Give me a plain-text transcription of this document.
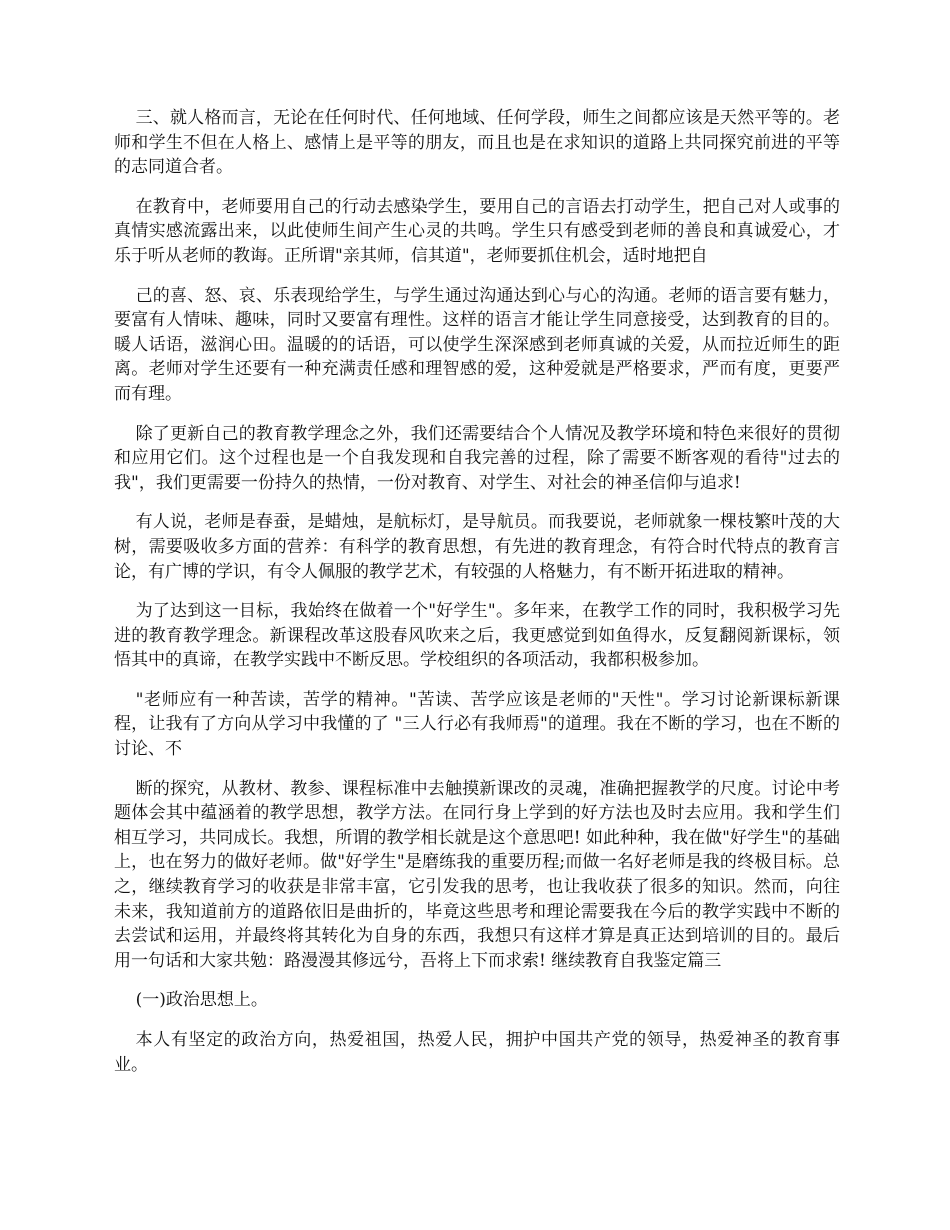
三、就人格而言，无论在任何时代、任何地域、任何学段，师生之间都应该是天然平等的。老师和学生不但在人格上、感情上是平等的朋友，而且也是在求知识的道路上共同探究前进的平等的志同道合者。

在教育中，老师要用自己的行动去感染学生，要用自己的言语去打动学生，把自己对人或事的真情实感流露出来，以此使师生间产生心灵的共鸣。学生只有感受到老师的善良和真诚爱心，才乐于听从老师的教诲。正所谓"亲其师，信其道"，老师要抓住机会，适时地把自

己的喜、怒、哀、乐表现给学生，与学生通过沟通达到心与心的沟通。老师的语言要有魅力，要富有人情味、趣味，同时又要富有理性。这样的语言才能让学生同意接受，达到教育的目的。暖人话语，滋润心田。温暖的的话语，可以使学生深深感到老师真诚的关爱，从而拉近师生的距离。老师对学生还要有一种充满责任感和理智感的爱，这种爱就是严格要求，严而有度，更要严而有理。

除了更新自己的教育教学理念之外，我们还需要结合个人情况及教学环境和特色来很好的贯彻和应用它们。这个过程也是一个自我发现和自我完善的过程，除了需要不断客观的看待"过去的我"，我们更需要一份持久的热情，一份对教育、对学生、对社会的神圣信仰与追求!

有人说，老师是春蚕，是蜡烛，是航标灯，是导航员。而我要说，老师就象一棵枝繁叶茂的大树，需要吸收多方面的营养：有科学的教育思想，有先进的教育理念，有符合时代特点的教育言论，有广博的学识，有令人佩服的教学艺术，有较强的人格魅力，有不断开拓进取的精神。

为了达到这一目标，我始终在做着一个"好学生"。多年来，在教学工作的同时，我积极学习先进的教育教学理念。新课程改革这股春风吹来之后，我更感觉到如鱼得水，反复翻阅新课标，领悟其中的真谛，在教学实践中不断反思。学校组织的各项活动，我都积极参加。

"老师应有一种苦读，苦学的精神。"苦读、苦学应该是老师的"天性"。学习讨论新课标新课程，让我有了方向从学习中我懂的了 "三人行必有我师焉"的道理。我在不断的学习，也在不断的讨论、不

断的探究，从教材、教参、课程标准中去触摸新课改的灵魂，准确把握教学的尺度。讨论中考题体会其中蕴涵着的教学思想，教学方法。在同行身上学到的好方法也及时去应用。我和学生们相互学习，共同成长。我想，所谓的教学相长就是这个意思吧! 如此种种，我在做"好学生"的基础上，也在努力的做好老师。做"好学生"是磨练我的重要历程;而做一名好老师是我的终极目标。总之，继续教育学习的收获是非常丰富，它引发我的思考，也让我收获了很多的知识。然而，向往未来，我知道前方的道路依旧是曲折的，毕竟这些思考和理论需要我在今后的教学实践中不断的去尝试和运用，并最终将其转化为自身的东西，我想只有这样才算是真正达到培训的目的。最后用一句话和大家共勉：路漫漫其修远兮，吾将上下而求索! 继续教育自我鉴定篇三

(一)政治思想上。

本人有坚定的政治方向，热爱祖国，热爱人民，拥护中国共产党的领导，热爱神圣的教育事业。
